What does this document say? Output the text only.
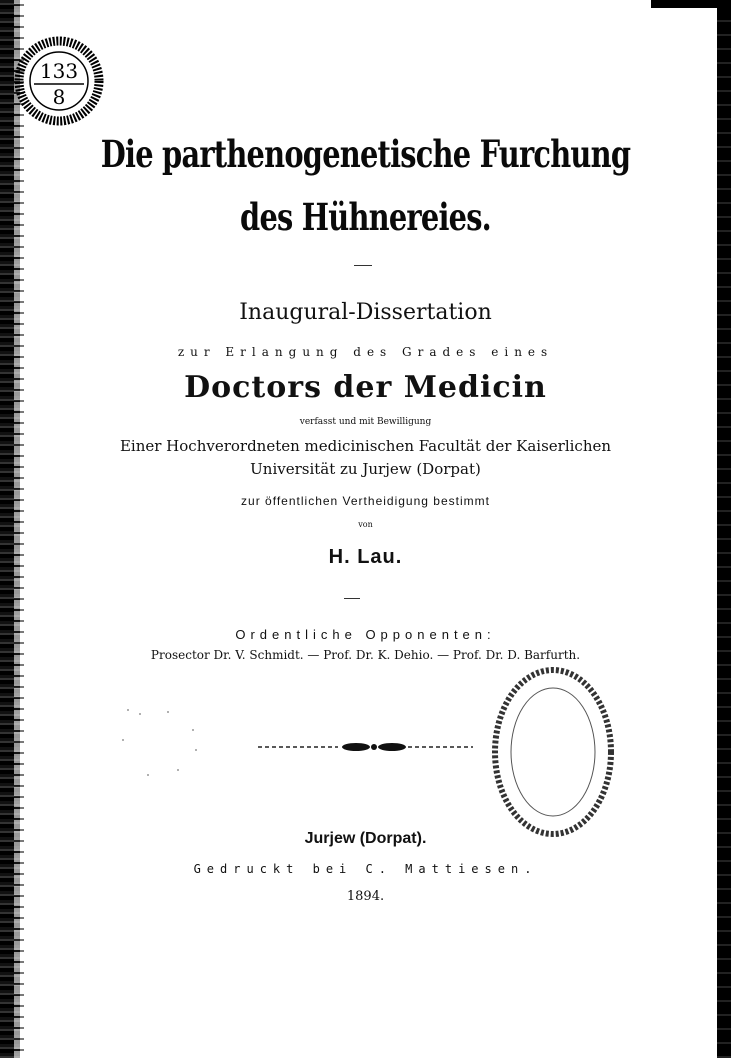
133
8
Die parthenogenetische Furchung
des Hühnereies.
Inaugural-Dissertation
zur Erlangung des Grades eines
Doctors der Medicin
verfasst und mit Bewilligung
Einer Hochverordneten medicinischen Facultät der Kaiserlichen
Universität zu Jurjew (Dorpat)
zur öffentlichen Vertheidigung bestimmt
von
H. Lau.
Ordentliche Opponenten:
Prosector Dr. V. Schmidt. — Prof. Dr. K. Dehio. — Prof. Dr. D. Barfurth.
Jurjew (Dorpat).
Gedruckt bei C. Mattiesen.
1894.
